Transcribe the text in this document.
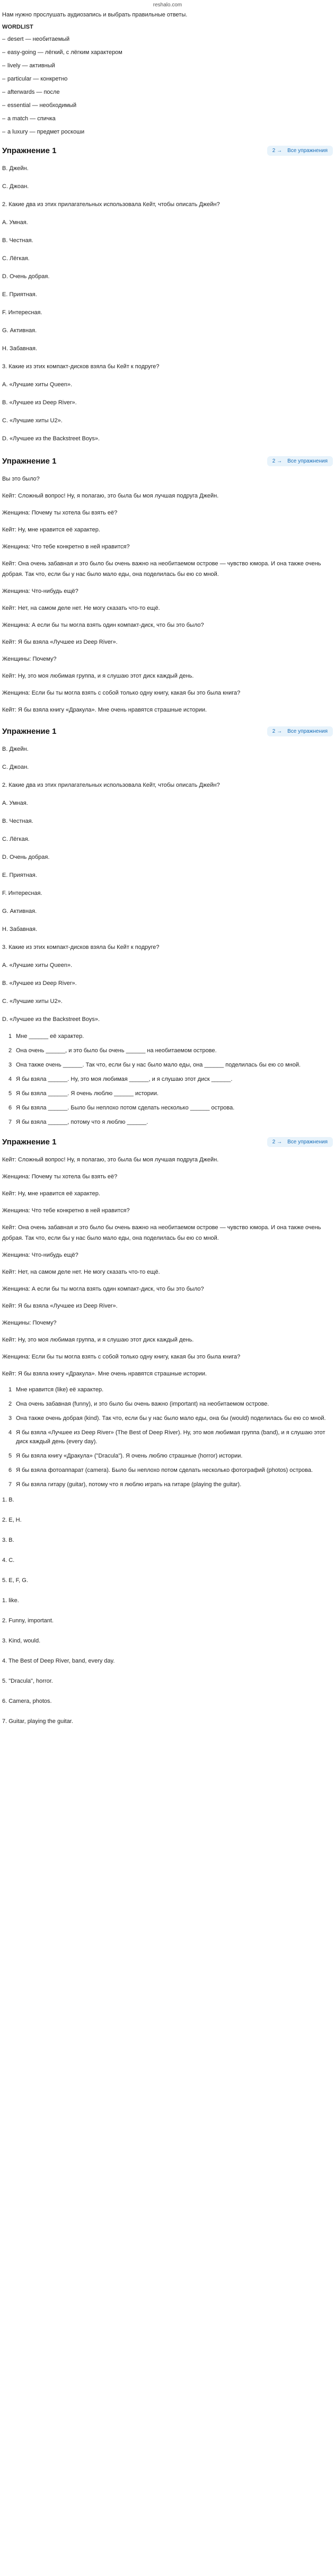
reshalo.com

Нам нужно прослушать аудиозапись и выбрать правильные ответы.

WORDLIST

– desert — необитаемый
– easy-going — лёгкий, с лёгким характером
– lively — активный
– particular — конкретно
– afterwards — после
– essential — необходимый
– a match — спичка
– a luxury — предмет роскоши
Упражнение 1	2 → Все упражнения
B. Джейн.
C. Джоан.
2. Какие два из этих прилагательных использовала Кейт, чтобы описать Джейн?
A. Умная.
B. Честная.
C. Лёгкая.
D. Очень добрая.
E. Приятная.
F. Интересная.
G. Активная.
H. Забавная.
3. Какие из этих компакт-дисков взяла бы Кейт к подруге?
A. «Лучшие хиты Queen».
B. «Лучшее из Deep River».
C. «Лучшие хиты U2».
D. «Лучшее из the Backstreet Boys».
Упражнение 1	2 → Все упражнения
Вы это было?
Кейт: Сложный вопрос! Ну, я полагаю, это была бы моя лучшая подруга Джейн.
Женщина: Почему ты хотела бы взять её?
Кейт: Ну, мне нравится её характер.
Женщина: Что тебе конкретно в ней нравится?
Кейт: Она очень забавная и это было бы очень важно на необитаемом острове — чувство юмора. И она также очень добрая. Так что, если бы у нас было мало еды, она поделилась бы ею со мной.
Женщина: Что-нибудь ещё?
Кейт: Нет, на самом деле нет. Не могу сказать что-то ещё.
Женщина: А если бы ты могла взять один компакт-диск, что бы это было?
Кейт: Я бы взяла «Лучшее из Deep River».
Женщины: Почему?
Кейт: Ну, это моя любимая группа, и я слушаю этот диск каждый день.
Женщина: Если бы ты могла взять с собой только одну книгу, какая бы это была книга?
Кейт: Я бы взяла книгу «Дракула». Мне очень нравятся страшные истории.
Упражнение 1	2 → Все упражнения
B. Джейн.
C. Джоан.
2. Какие два из этих прилагательных использовала Кейт, чтобы описать Джейн?
A. Умная.
B. Честная.
C. Лёгкая.
D. Очень добрая.
E. Приятная.
F. Интересная.
G. Активная.
H. Забавная.
3. Какие из этих компакт-дисков взяла бы Кейт к подруге?
A. «Лучшие хиты Queen».
B. «Лучшее из Deep River».
C. «Лучшие хиты U2».
D. «Лучшее из the Backstreet Boys».
1 Мне ______ её характер.
2 Она очень ______, и это было бы очень ______ на необитаемом острове.
3 Она также очень ______. Так что, если бы у нас было мало еды, она ______ поделилась бы ею со мной.
4 Я бы взяла ______. Ну, это моя любимая ______, и я слушаю этот диск ______.
5 Я бы взяла ______. Я очень люблю ______ истории.
6 Я бы взяла ______. Было бы неплохо потом сделать несколько ______ острова.
7 Я бы взяла ______, потому что я люблю ______.
Упражнение 1	2 → Все упражнения
Кейт: Сложный вопрос! Ну, я полагаю, это была бы моя лучшая подруга Джейн.
Женщина: Почему ты хотела бы взять её?
Кейт: Ну, мне нравится её характер.
Женщина: Что тебе конкретно в ней нравится?
Кейт: Она очень забавная и это было бы очень важно на необитаемом острове — чувство юмора. И она также очень добрая. Так что, если бы у нас было мало еды, она поделилась бы ею со мной.
Женщина: Что-нибудь ещё?
Кейт: Нет, на самом деле нет. Не могу сказать что-то ещё.
Женщина: А если бы ты могла взять один компакт-диск, что бы это было?
Кейт: Я бы взяла «Лучшее из Deep River».
Женщины: Почему?
Кейт: Ну, это моя любимая группа, и я слушаю этот диск каждый день.
Женщина: Если бы ты могла взять с собой только одну книгу, какая бы это была книга?
Кейт: Я бы взяла книгу «Дракула». Мне очень нравятся страшные истории.
1 Мне нравится (like) её характер.
2 Она очень забавная (funny), и это было бы очень важно (important) на необитаемом острове.
3 Она также очень добрая (kind). Так что, если бы у нас было мало еды, она бы (would) поделилась бы ею со мной.
4 Я бы взяла «Лучшее из Deep River» (The Best of Deep River). Ну, это моя любимая группа (band), и я слушаю этот диск каждый день (every day).
5 Я бы взяла книгу «Дракула» ("Dracula"). Я очень люблю страшные (horror) истории.
6 Я бы взяла фотоаппарат (camera). Было бы неплохо потом сделать несколько фотографий (photos) острова.
7 Я бы взяла гитару (guitar), потому что я люблю играть на гитаре (playing the guitar).
1. B.
2. E, H.
3. B.
4. C.
5. E, F, G.
1. like.
2. Funny, important.
3. Kind, would.
4. The Best of Deep River, band, every day.
5. "Dracula", horror.
6. Camera, photos.
7. Guitar, playing the guitar.
